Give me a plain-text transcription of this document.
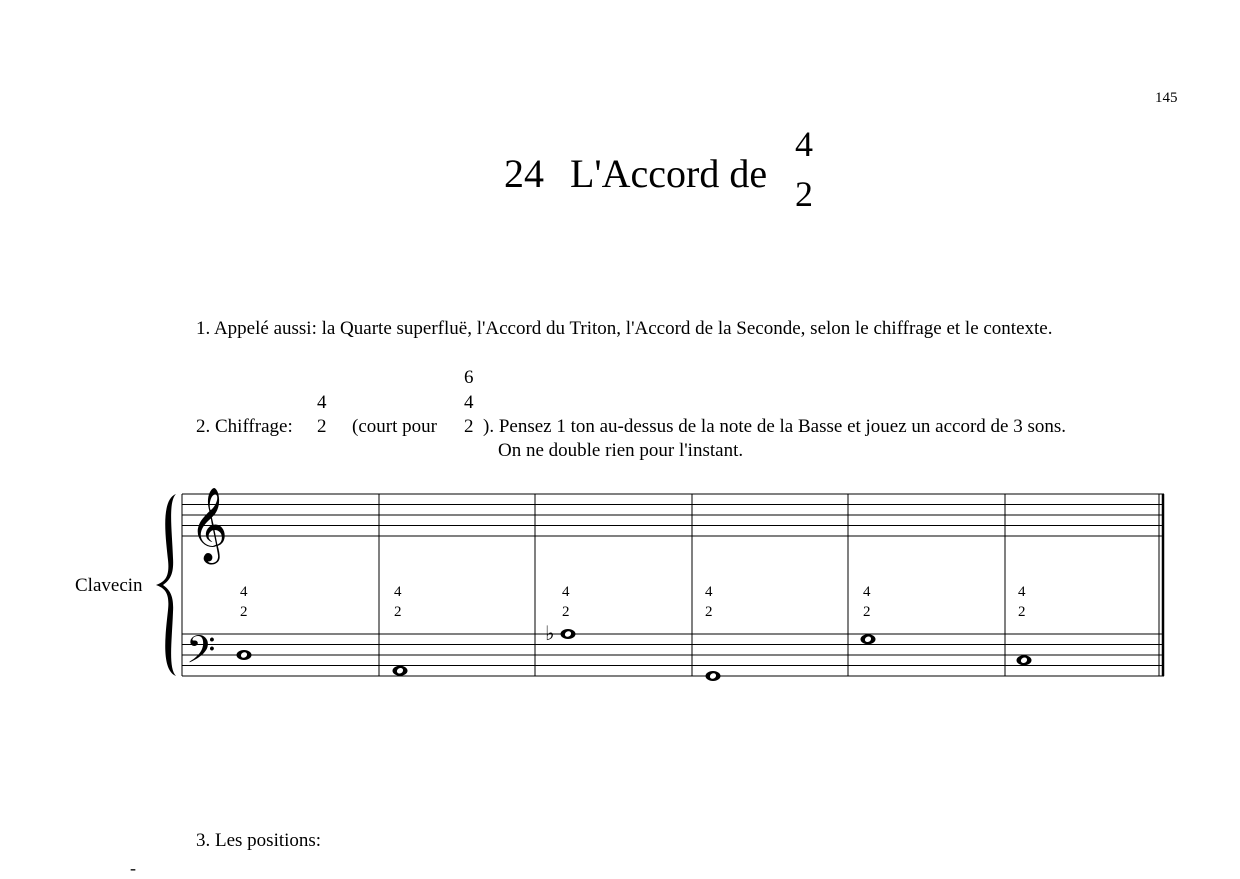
145
24 L'Accord de
4
2
1. Appelé aussi: la Quarte superfluë, l'Accord du Triton, l'Accord de la Seconde, selon le chiffrage et le contexte.
2. Chiffrage:
4
2 (court pour
6
4
2 ). Pensez 1 ton au-dessus de la note de la Basse et jouez un accord de 3 sons.
On ne double rien pour l'instant.
Clavecin
𝄞
𝄢	♭
4
2
4
2
4
2
4
2
4
2
4
2
3. Les positions:
-
